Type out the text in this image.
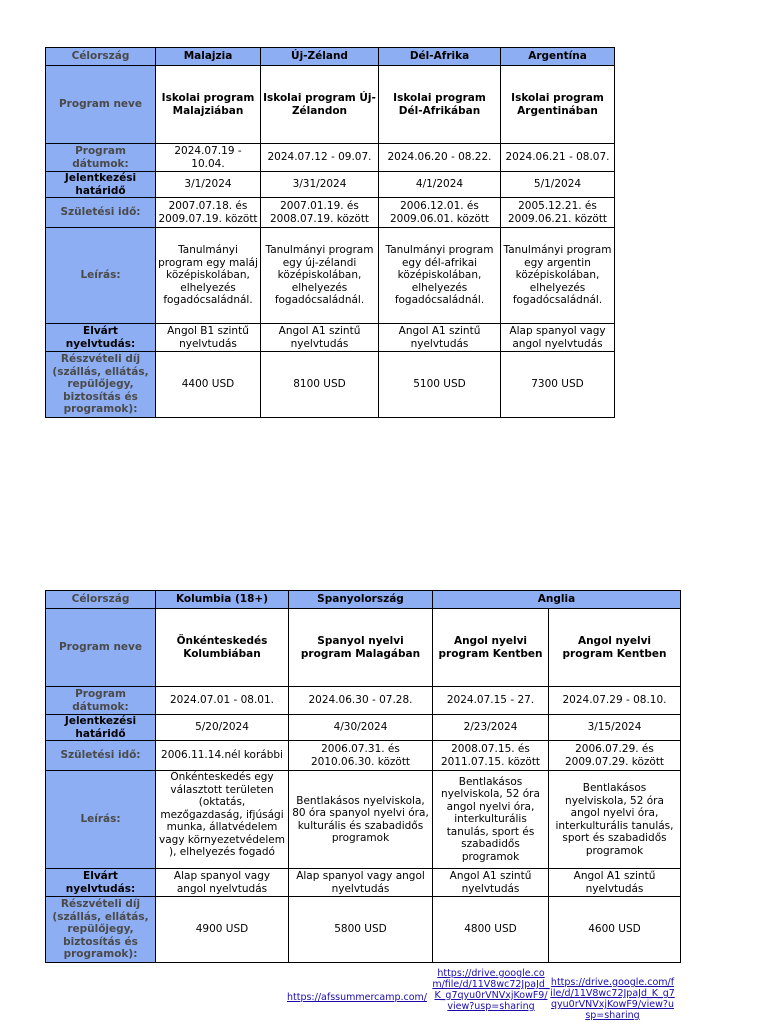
Célország	Malajzia	Új-Zéland	Dél-Afrika	Argentína
Program neve	Iskolai program Malajziában	Iskolai program Új-Zélandon	Iskolai program Dél-Afrikában	Iskolai program Argentinában
Program dátumok:	2024.07.19 - 10.04.	2024.07.12 - 09.07.	2024.06.20 - 08.22.	2024.06.21 - 08.07.
Jelentkezési határidő	3/1/2024	3/31/2024	4/1/2024	5/1/2024
Születési idő:	2007.07.18. és 2009.07.19. között	2007.01.19. és 2008.07.19. között	2006.12.01. és 2009.06.01. között	2005.12.21. és 2009.06.21. között
Leírás:	Tanulmányi program egy maláj középiskolában, elhelyezés fogadócsaládnál.	Tanulmányi program egy új-zélandi középiskolában, elhelyezés fogadócsaládnál.	Tanulmányi program egy dél-afrikai középiskolában, elhelyezés fogadócsaládnál.	Tanulmányi program egy argentin középiskolában, elhelyezés fogadócsaládnál.
Elvárt nyelvtudás:	Angol B1 szintű nyelvtudás	Angol A1 szintű nyelvtudás	Angol A1 szintű nyelvtudás	Alap spanyol vagy angol nyelvtudás
Részvételi díj (szállás, ellátás, repülőjegy, biztosítás és programok):	4400 USD	8100 USD	5100 USD	7300 USD
Célország	Kolumbia (18+)	Spanyolország	Anglia	
Program neve	Önkénteskedés Kolumbiában	Spanyol nyelvi program Malagában	Angol nyelvi program Kentben	Angol nyelvi program Kentben
Program dátumok:	2024.07.01 - 08.01.	2024.06.30 - 07.28.	2024.07.15 - 27.	2024.07.29 - 08.10.
Jelentkezési határidő	5/20/2024	4/30/2024	2/23/2024	3/15/2024
Születési idő:	2006.11.14.nél korábbi	2006.07.31. és 2010.06.30. között	2008.07.15. és 2011.07.15. között	2006.07.29. és 2009.07.29. között
Leírás:	Önkénteskedés egy választott területen (oktatás, mezőgazdaság, ifjúsági munka, állatvédelem vagy környezetvédelem ), elhelyezés fogadó	Bentlakásos nyelviskola, 80 óra spanyol nyelvi óra, kulturális és szabadidős programok	Bentlakásos nyelviskola, 52 óra angol nyelvi óra, interkulturális tanulás, sport és szabadidős programok	Bentlakásos nyelviskola, 52 óra angol nyelvi óra, interkulturális tanulás, sport és szabadidős programok
Elvárt nyelvtudás:	Alap spanyol vagy angol nyelvtudás	Alap spanyol vagy angol nyelvtudás	Angol A1 szintű nyelvtudás	Angol A1 szintű nyelvtudás
Részvételi díj (szállás, ellátás, repülőjegy, biztosítás és programok):	4900 USD	5800 USD	4800 USD	4600 USD
https://afssummercamp.com/
https://drive.google.com/file/d/11V8wc72JpaJd_K_g7qyu0rVNVxjKowF9/view?usp=sharing
https://drive.google.com/file/d/11V8wc72JpaJd_K_g7qyu0rVNVxjKowF9/view?usp=sharing
